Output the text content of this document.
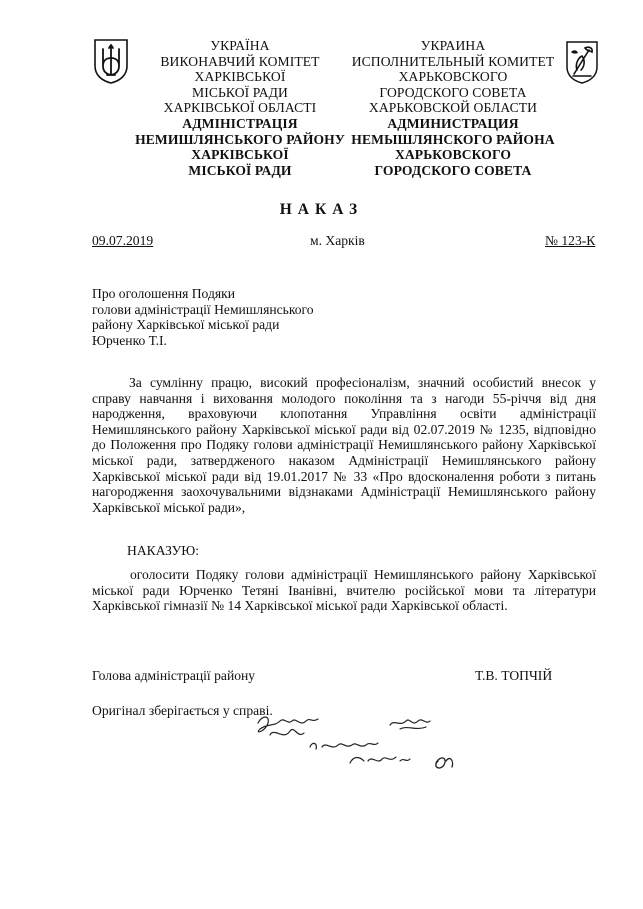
УКРАЇНА
ВИКОНАВЧИЙ КОМІТЕТ
ХАРКІВСЬКОЇ
МІСЬКОЇ РАДИ
ХАРКІВСЬКОЇ ОБЛАСТІ
АДМІНІСТРАЦІЯ
НЕМИШЛЯНСЬКОГО РАЙОНУ
ХАРКІВСЬКОЇ
МІСЬКОЇ РАДИ
УКРАИНА
ИСПОЛНИТЕЛЬНЫЙ КОМИТЕТ
ХАРЬКОВСКОГО
ГОРОДСКОГО СОВЕТА
ХАРЬКОВСКОЙ ОБЛАСТИ
АДМИНИСТРАЦИЯ
НЕМЫШЛЯНСКОГО РАЙОНА
ХАРЬКОВСКОГО
ГОРОДСКОГО СОВЕТА
НАКАЗ
09.07.2019	м. Харків	№ 123-К
Про оголошення Подяки
голови адміністрації Немишлянського
району Харківської міської ради
Юрченко Т.І.

За сумлінну працю, високий професіоналізм, значний особистий внесок у справу навчання і виховання молодого покоління та з нагоди 55-річчя від дня народження, враховуючи клопотання Управління освіти адміністрації Немишлянського району Харківської міської ради від 02.07.2019 № 1235, відповідно до Положення про Подяку голови адміністрації Немишлянського району Харківської міської ради, затвердженого наказом Адміністрації Немишлянського району Харківської міської ради від 19.01.2017 № 33 «Про вдосконалення роботи з питань нагородження заохочувальними відзнаками Адміністрації Немишлянського району Харківської міської ради»,

НАКАЗУЮ:

оголосити Подяку голови адміністрації Немишлянського району Харківської міської ради Юрченко Тетяні Іванівні, вчителю російської мови та літератури Харківської гімназії № 14 Харківської міської ради Харківської області.

Голова адміністрації району	Т.В. ТОПЧІЙ
Оригінал зберігається у справі.
